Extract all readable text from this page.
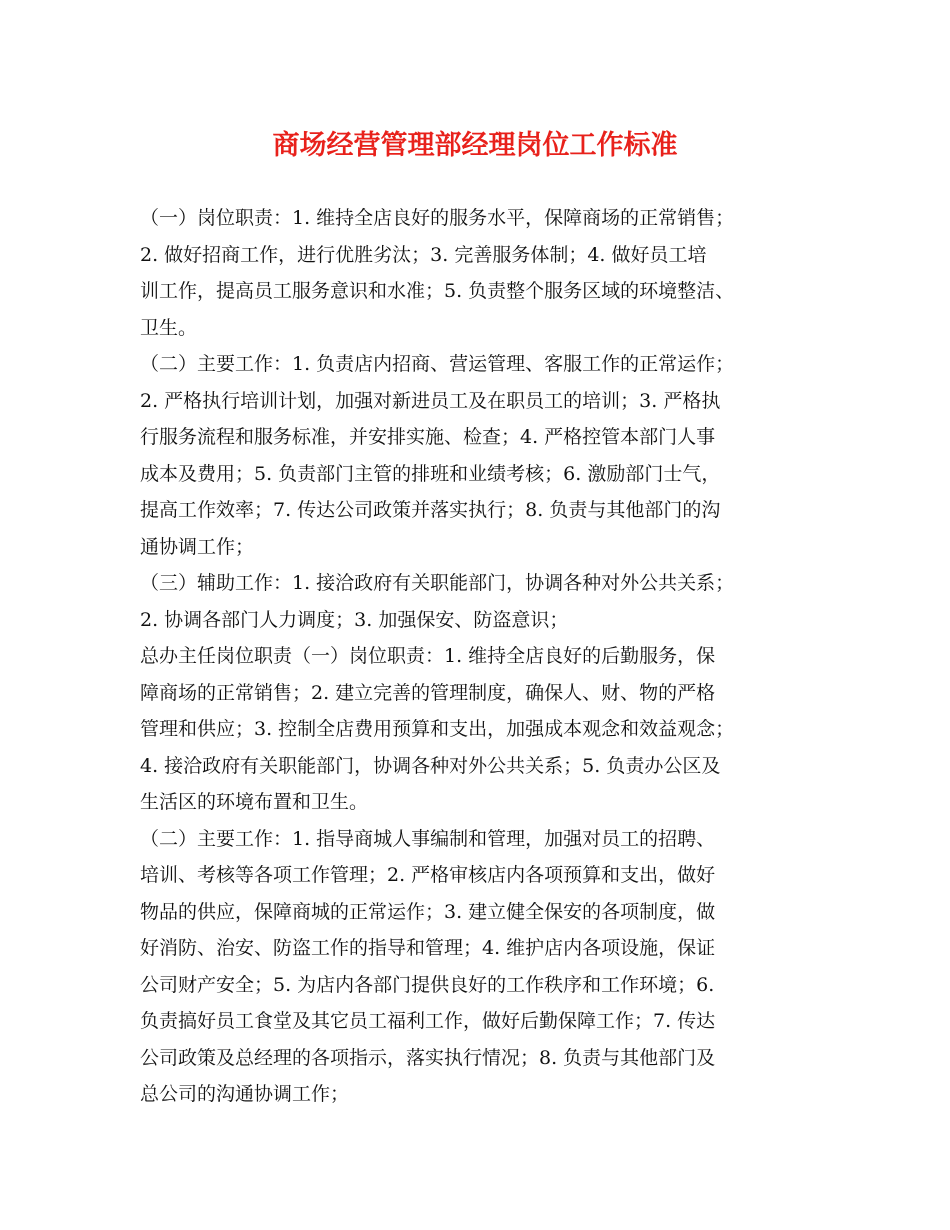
商场经营管理部经理岗位工作标准
（一）岗位职责：1. 维持全店良好的服务水平，保障商场的正常销售；
2. 做好招商工作，进行优胜劣汰；3. 完善服务体制；4. 做好员工培
训工作，提高员工服务意识和水准；5. 负责整个服务区域的环境整洁、
卫生。
（二）主要工作：1. 负责店内招商、营运管理、客服工作的正常运作；
2. 严格执行培训计划，加强对新进员工及在职员工的培训；3. 严格执
行服务流程和服务标准，并安排实施、检查；4. 严格控管本部门人事
成本及费用；5. 负责部门主管的排班和业绩考核；6. 激励部门士气，
提高工作效率；7. 传达公司政策并落实执行；8. 负责与其他部门的沟
通协调工作；
（三）辅助工作：1. 接洽政府有关职能部门，协调各种对外公共关系；
2. 协调各部门人力调度；3. 加强保安、防盗意识；
总办主任岗位职责（一）岗位职责：1. 维持全店良好的后勤服务，保
障商场的正常销售；2. 建立完善的管理制度，确保人、财、物的严格
管理和供应；3. 控制全店费用预算和支出，加强成本观念和效益观念；
4. 接洽政府有关职能部门，协调各种对外公共关系；5. 负责办公区及
生活区的环境布置和卫生。
（二）主要工作：1. 指导商城人事编制和管理，加强对员工的招聘、
培训、考核等各项工作管理；2. 严格审核店内各项预算和支出，做好
物品的供应，保障商城的正常运作；3. 建立健全保安的各项制度，做
好消防、治安、防盗工作的指导和管理；4. 维护店内各项设施，保证
公司财产安全；5. 为店内各部门提供良好的工作秩序和工作环境；6.
负责搞好员工食堂及其它员工福利工作，做好后勤保障工作；7. 传达
公司政策及总经理的各项指示，落实执行情况；8. 负责与其他部门及
总公司的沟通协调工作；
